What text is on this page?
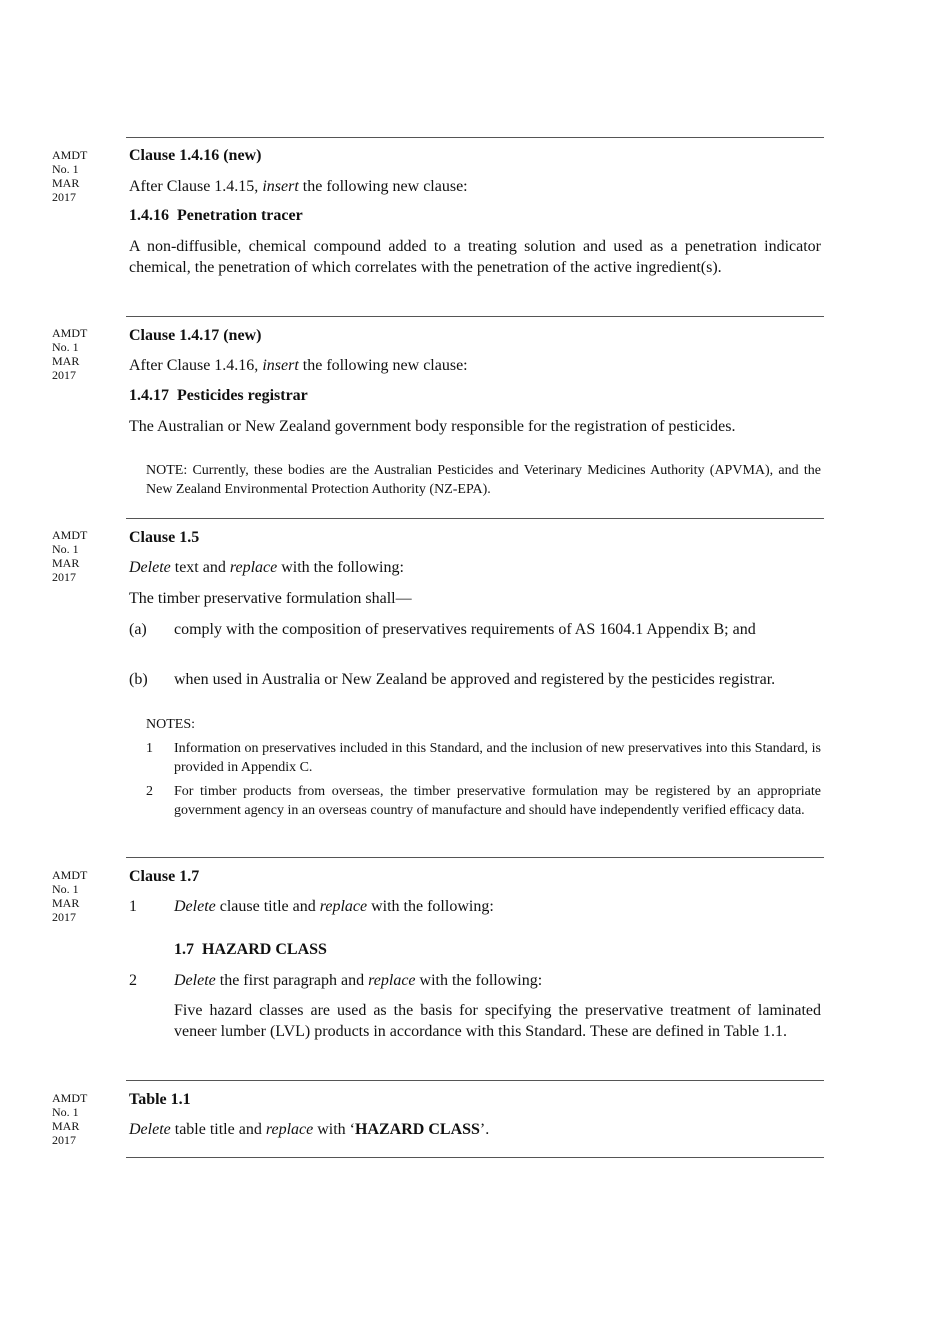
AMDT
No. 1
MAR
2017
Clause 1.4.16 (new)
After Clause 1.4.15, insert the following new clause:
1.4.16 Penetration tracer
A non-diffusible, chemical compound added to a treating solution and used as a penetration indicator chemical, the penetration of which correlates with the penetration of the active ingredient(s).
AMDT
No. 1
MAR
2017
Clause 1.4.17 (new)
After Clause 1.4.16, insert the following new clause:
1.4.17 Pesticides registrar
The Australian or New Zealand government body responsible for the registration of pesticides.
NOTE: Currently, these bodies are the Australian Pesticides and Veterinary Medicines Authority (APVMA), and the New Zealand Environmental Protection Authority (NZ-EPA).
AMDT
No. 1
MAR
2017
Clause 1.5
Delete text and replace with the following:
The timber preservative formulation shall—
(a) comply with the composition of preservatives requirements of AS 1604.1 Appendix B; and
(b) when used in Australia or New Zealand be approved and registered by the pesticides registrar.
NOTES:
1 Information on preservatives included in this Standard, and the inclusion of new preservatives into this Standard, is provided in Appendix C.
2 For timber products from overseas, the timber preservative formulation may be registered by an appropriate government agency in an overseas country of manufacture and should have independently verified efficacy data.
AMDT
No. 1
MAR
2017
Clause 1.7
1 Delete clause title and replace with the following:
1.7 HAZARD CLASS
2 Delete the first paragraph and replace with the following:
Five hazard classes are used as the basis for specifying the preservative treatment of laminated veneer lumber (LVL) products in accordance with this Standard. These are defined in Table 1.1.
AMDT
No. 1
MAR
2017
Table 1.1
Delete table title and replace with ‘HAZARD CLASS’.
